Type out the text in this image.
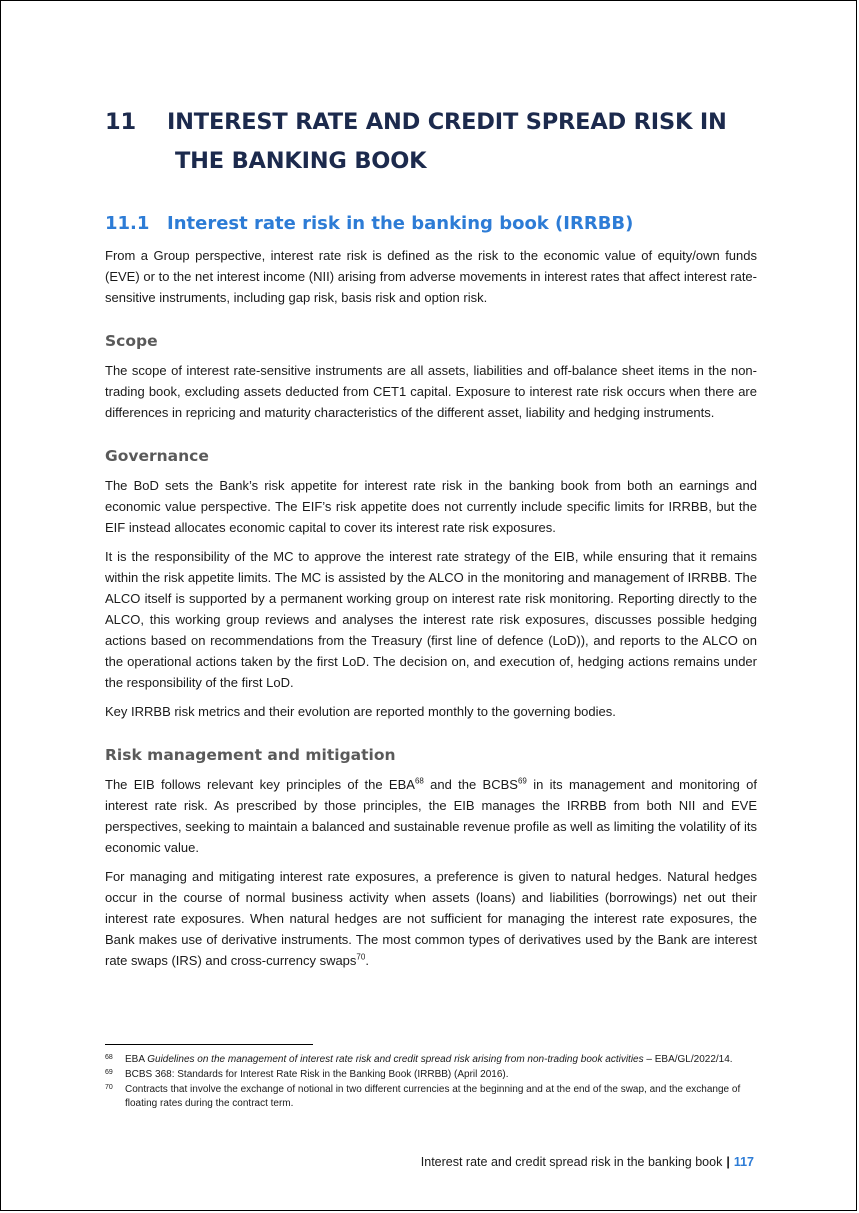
11 INTEREST RATE AND CREDIT SPREAD RISK IN
THE BANKING BOOK
11.1 Interest rate risk in the banking book (IRRBB)

From a Group perspective, interest rate risk is defined as the risk to the economic value of equity/own funds (EVE) or to the net interest income (NII) arising from adverse movements in interest rates that affect interest rate-sensitive instruments, including gap risk, basis risk and option risk.

Scope

The scope of interest rate-sensitive instruments are all assets, liabilities and off-balance sheet items in the non-trading book, excluding assets deducted from CET1 capital. Exposure to interest rate risk occurs when there are differences in repricing and maturity characteristics of the different asset, liability and hedging instruments.

Governance

The BoD sets the Bank’s risk appetite for interest rate risk in the banking book from both an earnings and economic value perspective. The EIF’s risk appetite does not currently include specific limits for IRRBB, but the EIF instead allocates economic capital to cover its interest rate risk exposures.

It is the responsibility of the MC to approve the interest rate strategy of the EIB, while ensuring that it remains within the risk appetite limits. The MC is assisted by the ALCO in the monitoring and management of IRRBB. The ALCO itself is supported by a permanent working group on interest rate risk monitoring. Reporting directly to the ALCO, this working group reviews and analyses the interest rate risk exposures, discusses possible hedging actions based on recommendations from the Treasury (first line of defence (LoD)), and reports to the ALCO on the operational actions taken by the first LoD. The decision on, and execution of, hedging actions remains under the responsibility of the first LoD.

Key IRRBB risk metrics and their evolution are reported monthly to the governing bodies.

Risk management and mitigation

The EIB follows relevant key principles of the EBA$^{68}$ and the BCBS$^{69}$ in its management and monitoring of interest rate risk. As prescribed by those principles, the EIB manages the IRRBB from both NII and EVE perspectives, seeking to maintain a balanced and sustainable revenue profile as well as limiting the volatility of its economic value.

For managing and mitigating interest rate exposures, a preference is given to natural hedges. Natural hedges occur in the course of normal business activity when assets (loans) and liabilities (borrowings) net out their interest rate exposures. When natural hedges are not sufficient for managing the interest rate exposures, the Bank makes use of derivative instruments. The most common types of derivatives used by the Bank are interest rate swaps (IRS) and cross-currency swaps$^{70}$.

68 EBA Guidelines on the management of interest rate risk and credit spread risk arising from non-trading book activities – EBA/GL/2022/14.
69 BCBS 368: Standards for Interest Rate Risk in the Banking Book (IRRBB) (April 2016).
70 Contracts that involve the exchange of notional in two different currencies at the beginning and at the end of the swap, and the exchange of floating rates during the contract term.
Interest rate and credit spread risk in the banking book | 117
